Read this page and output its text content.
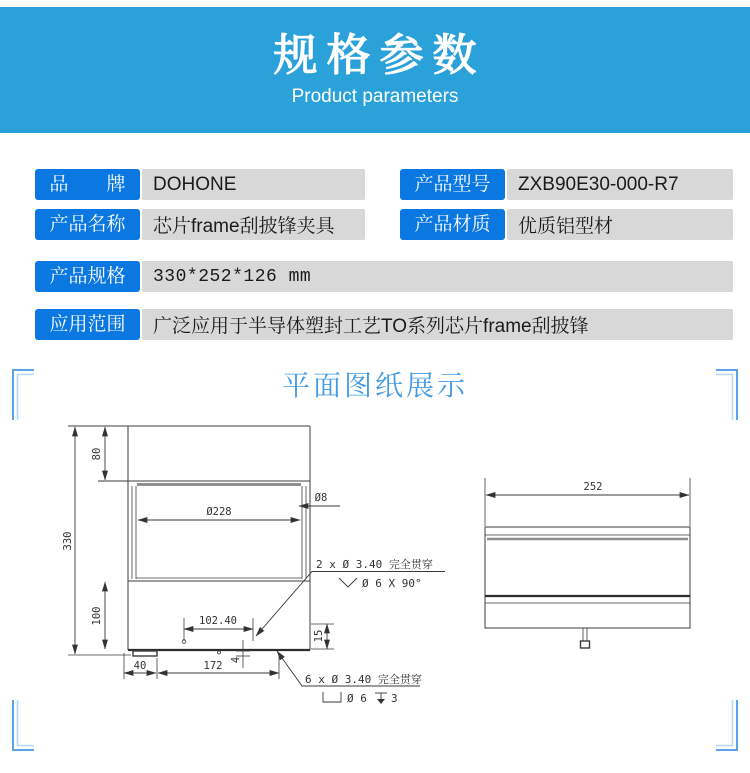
规格参数
Product parameters
品　　牌	DOHONE	产品型号	ZXB90E30-000-R7
产品名称	芯片frame刮披锋夹具	产品材质	优质铝型材
产品规格	330*252*126 mm
应用范围	广泛应用于半导体塑封工艺TO系列芯片frame刮披锋
平面图纸展示
330
80
100
Ø228
Ø8
102.40
15
4
40	172
2 x Ø 3.40 完全贯穿
Ø 6 X 90°
6 x Ø 3.40 完全贯穿
Ø 6 3
252
